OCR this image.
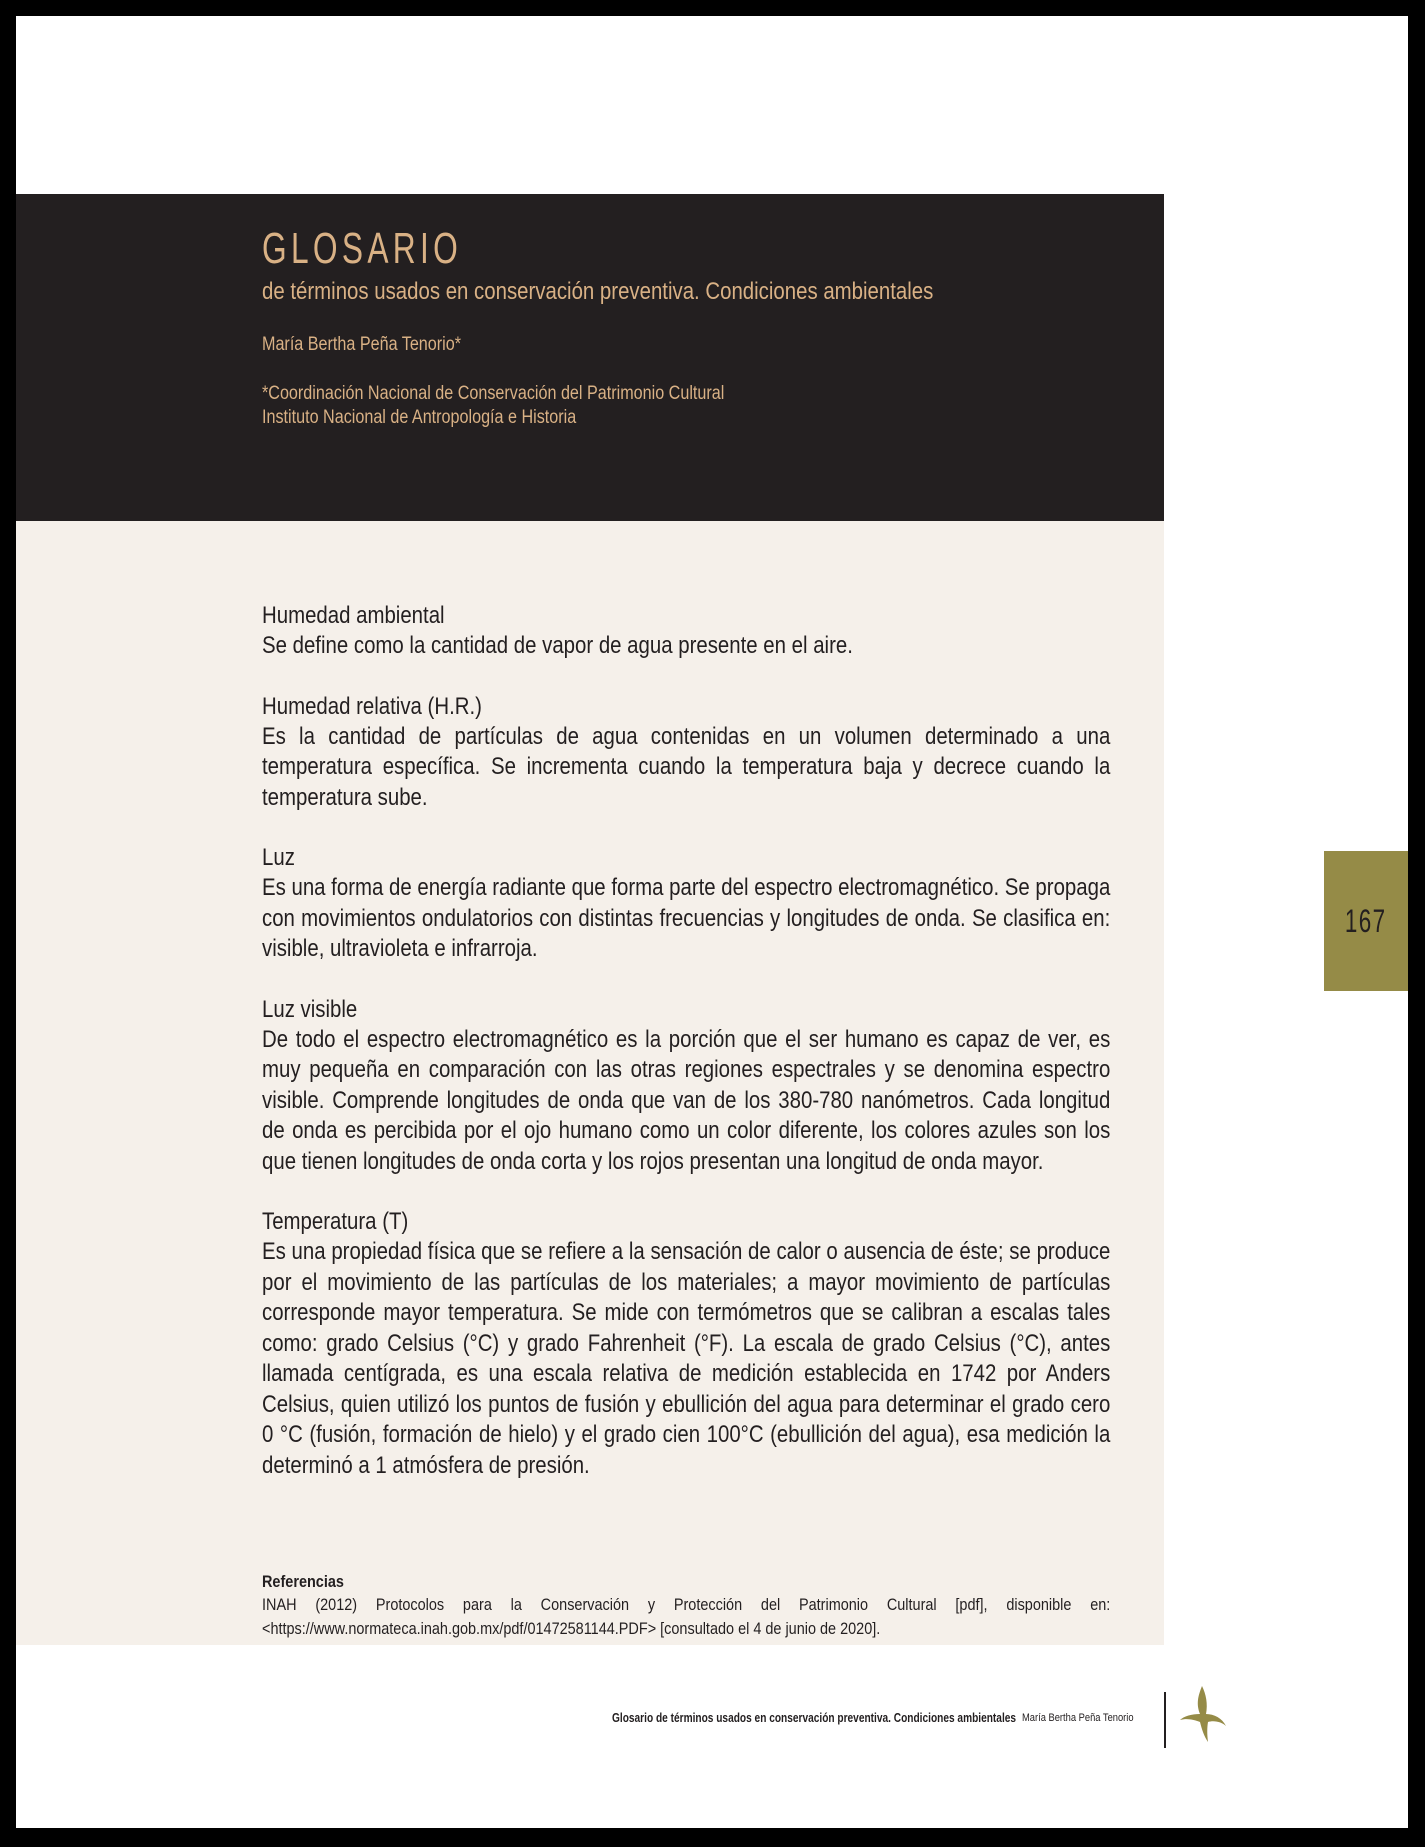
GLOSARIO
de términos usados en conservación preventiva. Condiciones ambientales
María Bertha Peña Tenorio*
*Coordinación Nacional de Conservación del Patrimonio Cultural
Instituto Nacional de Antropología e Historia
Humedad ambiental

Se define como la cantidad de vapor de agua presente en el aire.

Humedad relativa (H.R.)

Es la cantidad de partículas de agua contenidas en un volumen determinado a una temperatura específica. Se incrementa cuando la temperatura baja y decrece cuando la temperatura sube.

Luz

Es una forma de energía radiante que forma parte del espectro electromagnético. Se propaga con movimientos ondulatorios con distintas frecuencias y longitudes de onda. Se clasifica en: visible, ultravioleta e infrarroja.

Luz visible

De todo el espectro electromagnético es la porción que el ser humano es capaz de ver, es muy pequeña en comparación con las otras regiones espectrales y se denomina espectro visible. Comprende longitudes de onda que van de los 380-780 nanómetros. Cada longitud de onda es percibida por el ojo humano como un color diferente, los colores azules son los que tienen longitudes de onda corta y los rojos presentan una longitud de onda mayor.

Temperatura (T)

Es una propiedad física que se refiere a la sensación de calor o ausencia de éste; se produce por el movimiento de las partículas de los materiales; a mayor movimiento de partículas corresponde mayor temperatura. Se mide con termómetros que se calibran a escalas tales como: grado Celsius (°C) y grado Fahrenheit (°F). La escala de grado Celsius (°C), antes llamada centígrada, es una escala relativa de medición establecida en 1742 por Anders Celsius, quien utilizó los puntos de fusión y ebullición del agua para determinar el grado cero 0 °C (fusión, formación de hielo) y el grado cien 100°C (ebullición del agua), esa medición la determinó a 1 atmósfera de presión.

Referencias
INAH (2012) Protocolos para la Conservación y Protección del Patrimonio Cultural [pdf], disponible en: <https://www.normateca.inah.gob.mx/pdf/01472581144.PDF> [consultado el 4 de junio de 2020].
167
Glosario de términos usados en conservación preventiva. Condiciones ambientales María Bertha Peña Tenorio
